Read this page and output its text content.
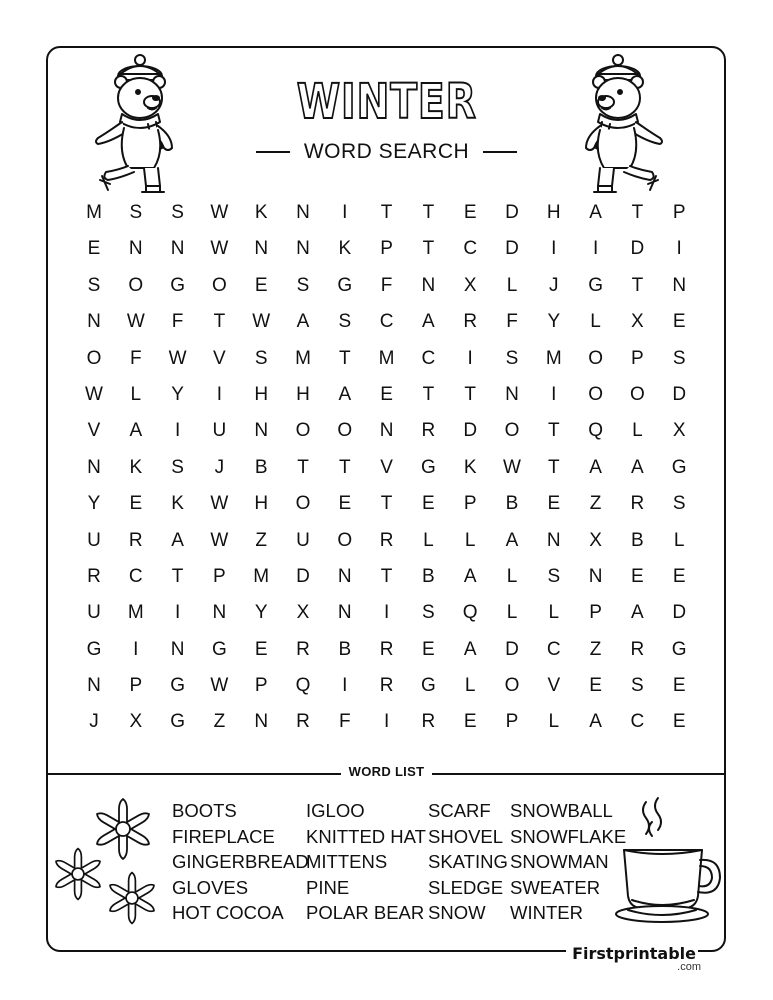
WINTER
WORD SEARCH
M	S	S	W	K	N	I	T	T	E	D	H	A	T	P
E	N	N	W	N	N	K	P	T	C	D	I	I	D	I
S	O	G	O	E	S	G	F	N	X	L	J	G	T	N
N	W	F	T	W	A	S	C	A	R	F	Y	L	X	E
O	F	W	V	S	M	T	M	C	I	S	M	O	P	S
W	L	Y	I	H	H	A	E	T	T	N	I	O	O	D
V	A	I	U	N	O	O	N	R	D	O	T	Q	L	X
N	K	S	J	B	T	T	V	G	K	W	T	A	A	G
Y	E	K	W	H	O	E	T	E	P	B	E	Z	R	S
U	R	A	W	Z	U	O	R	L	L	A	N	X	B	L
R	C	T	P	M	D	N	T	B	A	L	S	N	E	E
U	M	I	N	Y	X	N	I	S	Q	L	L	P	A	D
G	I	N	G	E	R	B	R	E	A	D	C	Z	R	G
N	P	G	W	P	Q	I	R	G	L	O	V	E	S	E
J	X	G	Z	N	R	F	I	R	E	P	L	A	C	E
WORD LIST
BOOTS
FIREPLACE
GINGERBREAD
GLOVES
HOT COCOA
IGLOO
KNITTED HAT
MITTENS
PINE
POLAR BEAR
SCARF
SHOVEL
SKATING
SLEDGE
SNOW
SNOWBALL
SNOWFLAKE
SNOWMAN
SWEATER
WINTER
Firstprintable
.com
